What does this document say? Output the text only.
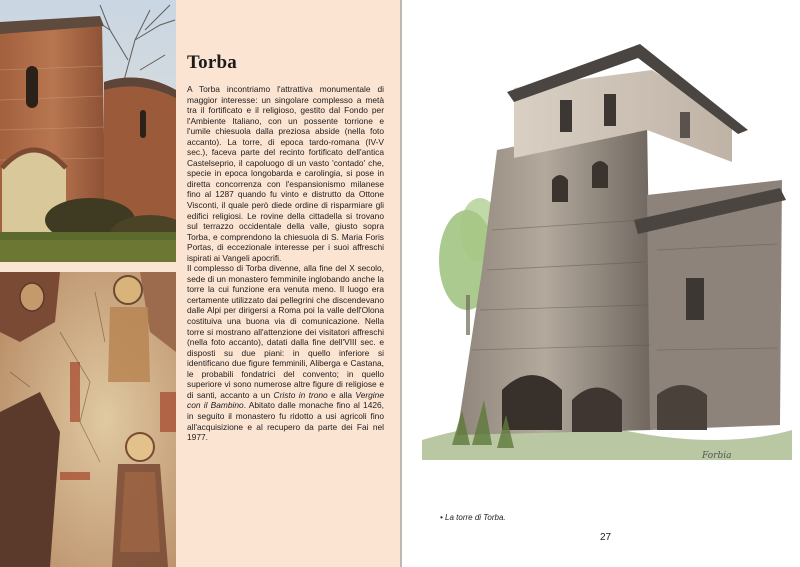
Torba

A Torba incontriamo l'attrattiva monumentale di maggior interesse: un singolare complesso a metà tra il fortificato e il religioso, gestito dal Fondo per l'Ambiente Italiano, con un possente torrione e l'umile chiesuola dalla preziosa abside (nella foto accanto). La torre, di epoca tardo-romana (IV-V sec.), faceva parte del recinto fortificato dell'antica Castelseprio, il capoluogo di un vasto 'contado' che, specie in epoca longobarda e carolingia, si pose in diretta concorrenza con l'espansionismo milanese fino al 1287 quando fu vinto e distrutto da Ottone Visconti, il quale però diede ordine di risparmiare gli edifici religiosi. Le rovine della cittadella si trovano sul terrazzo occidentale della valle, giusto sopra Torba, e comprendono la chiesuola di S. Maria Foris Portas, di eccezionale interesse per i suoi affreschi ispirati ai Vangeli apocrifi.

Il complesso di Torba divenne, alla fine del X secolo, sede di un monastero femminile inglobando anche la torre la cui funzione era venuta meno. Il luogo era certamente utilizzato dai pellegrini che discendevano dalle Alpi per dirigersi a Roma poi la valle dell'Olona costituiva una buona via di comunicazione. Nella torre si mostrano all'attenzione dei visitatori affreschi (nella foto accanto), datati dalla fine dell'VIII sec. e disposti su due piani: in quello inferiore si identificano due figure femminili, Aliberga e Castana, le probabili fondatrici del convento; in quello superiore vi sono numerose altre figure di religiose e di santi, accanto a un Cristo in trono e alla Vergine con il Bambino. Abitato dalle monache fino al 1426, in seguito il monastero fu ridotto a usi agricoli fino all'acquisizione e al recupero da parte dei Fai nel 1977.

Forbia
• La torre di Torba.
27
